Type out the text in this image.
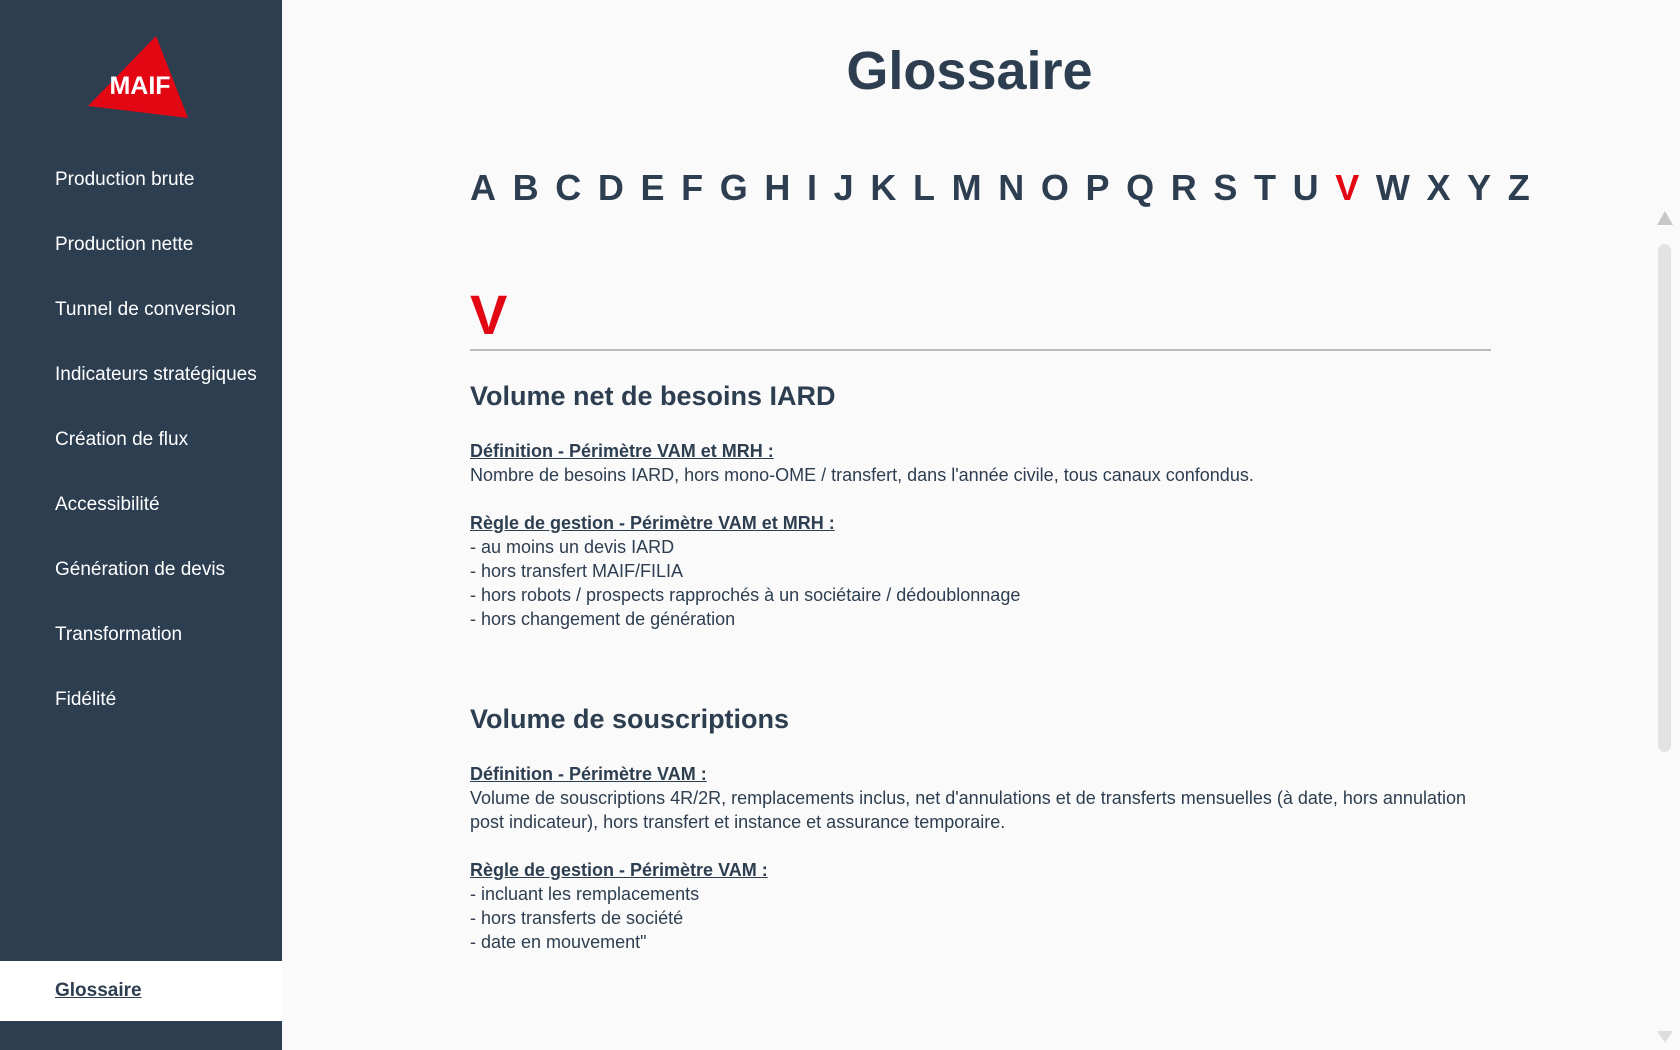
MAIF
Production brute
Production nette
Tunnel de conversion
Indicateurs stratégiques
Création de flux
Accessibilité
Génération de devis
Transformation
Fidélité
Glossaire
Glossaire
A B C D E F G H I J K L M N O P Q R S T U V W X Y Z
V
Volume net de besoins IARD
Définition - Périmètre VAM et MRH :
Nombre de besoins IARD, hors mono-OME / transfert, dans l'année civile, tous canaux confondus.
Règle de gestion - Périmètre VAM et MRH :
- au moins un devis IARD
- hors transfert MAIF/FILIA
- hors robots / prospects rapprochés à un sociétaire / dédoublonnage
- hors changement de génération
Volume de souscriptions
Définition - Périmètre VAM :
Volume de souscriptions 4R/2R, remplacements inclus, net d'annulations et de transferts mensuelles (à date, hors annulation post indicateur), hors transfert et instance et assurance temporaire.
Règle de gestion - Périmètre VAM :
- incluant les remplacements
- hors transferts de société
- date en mouvement"
